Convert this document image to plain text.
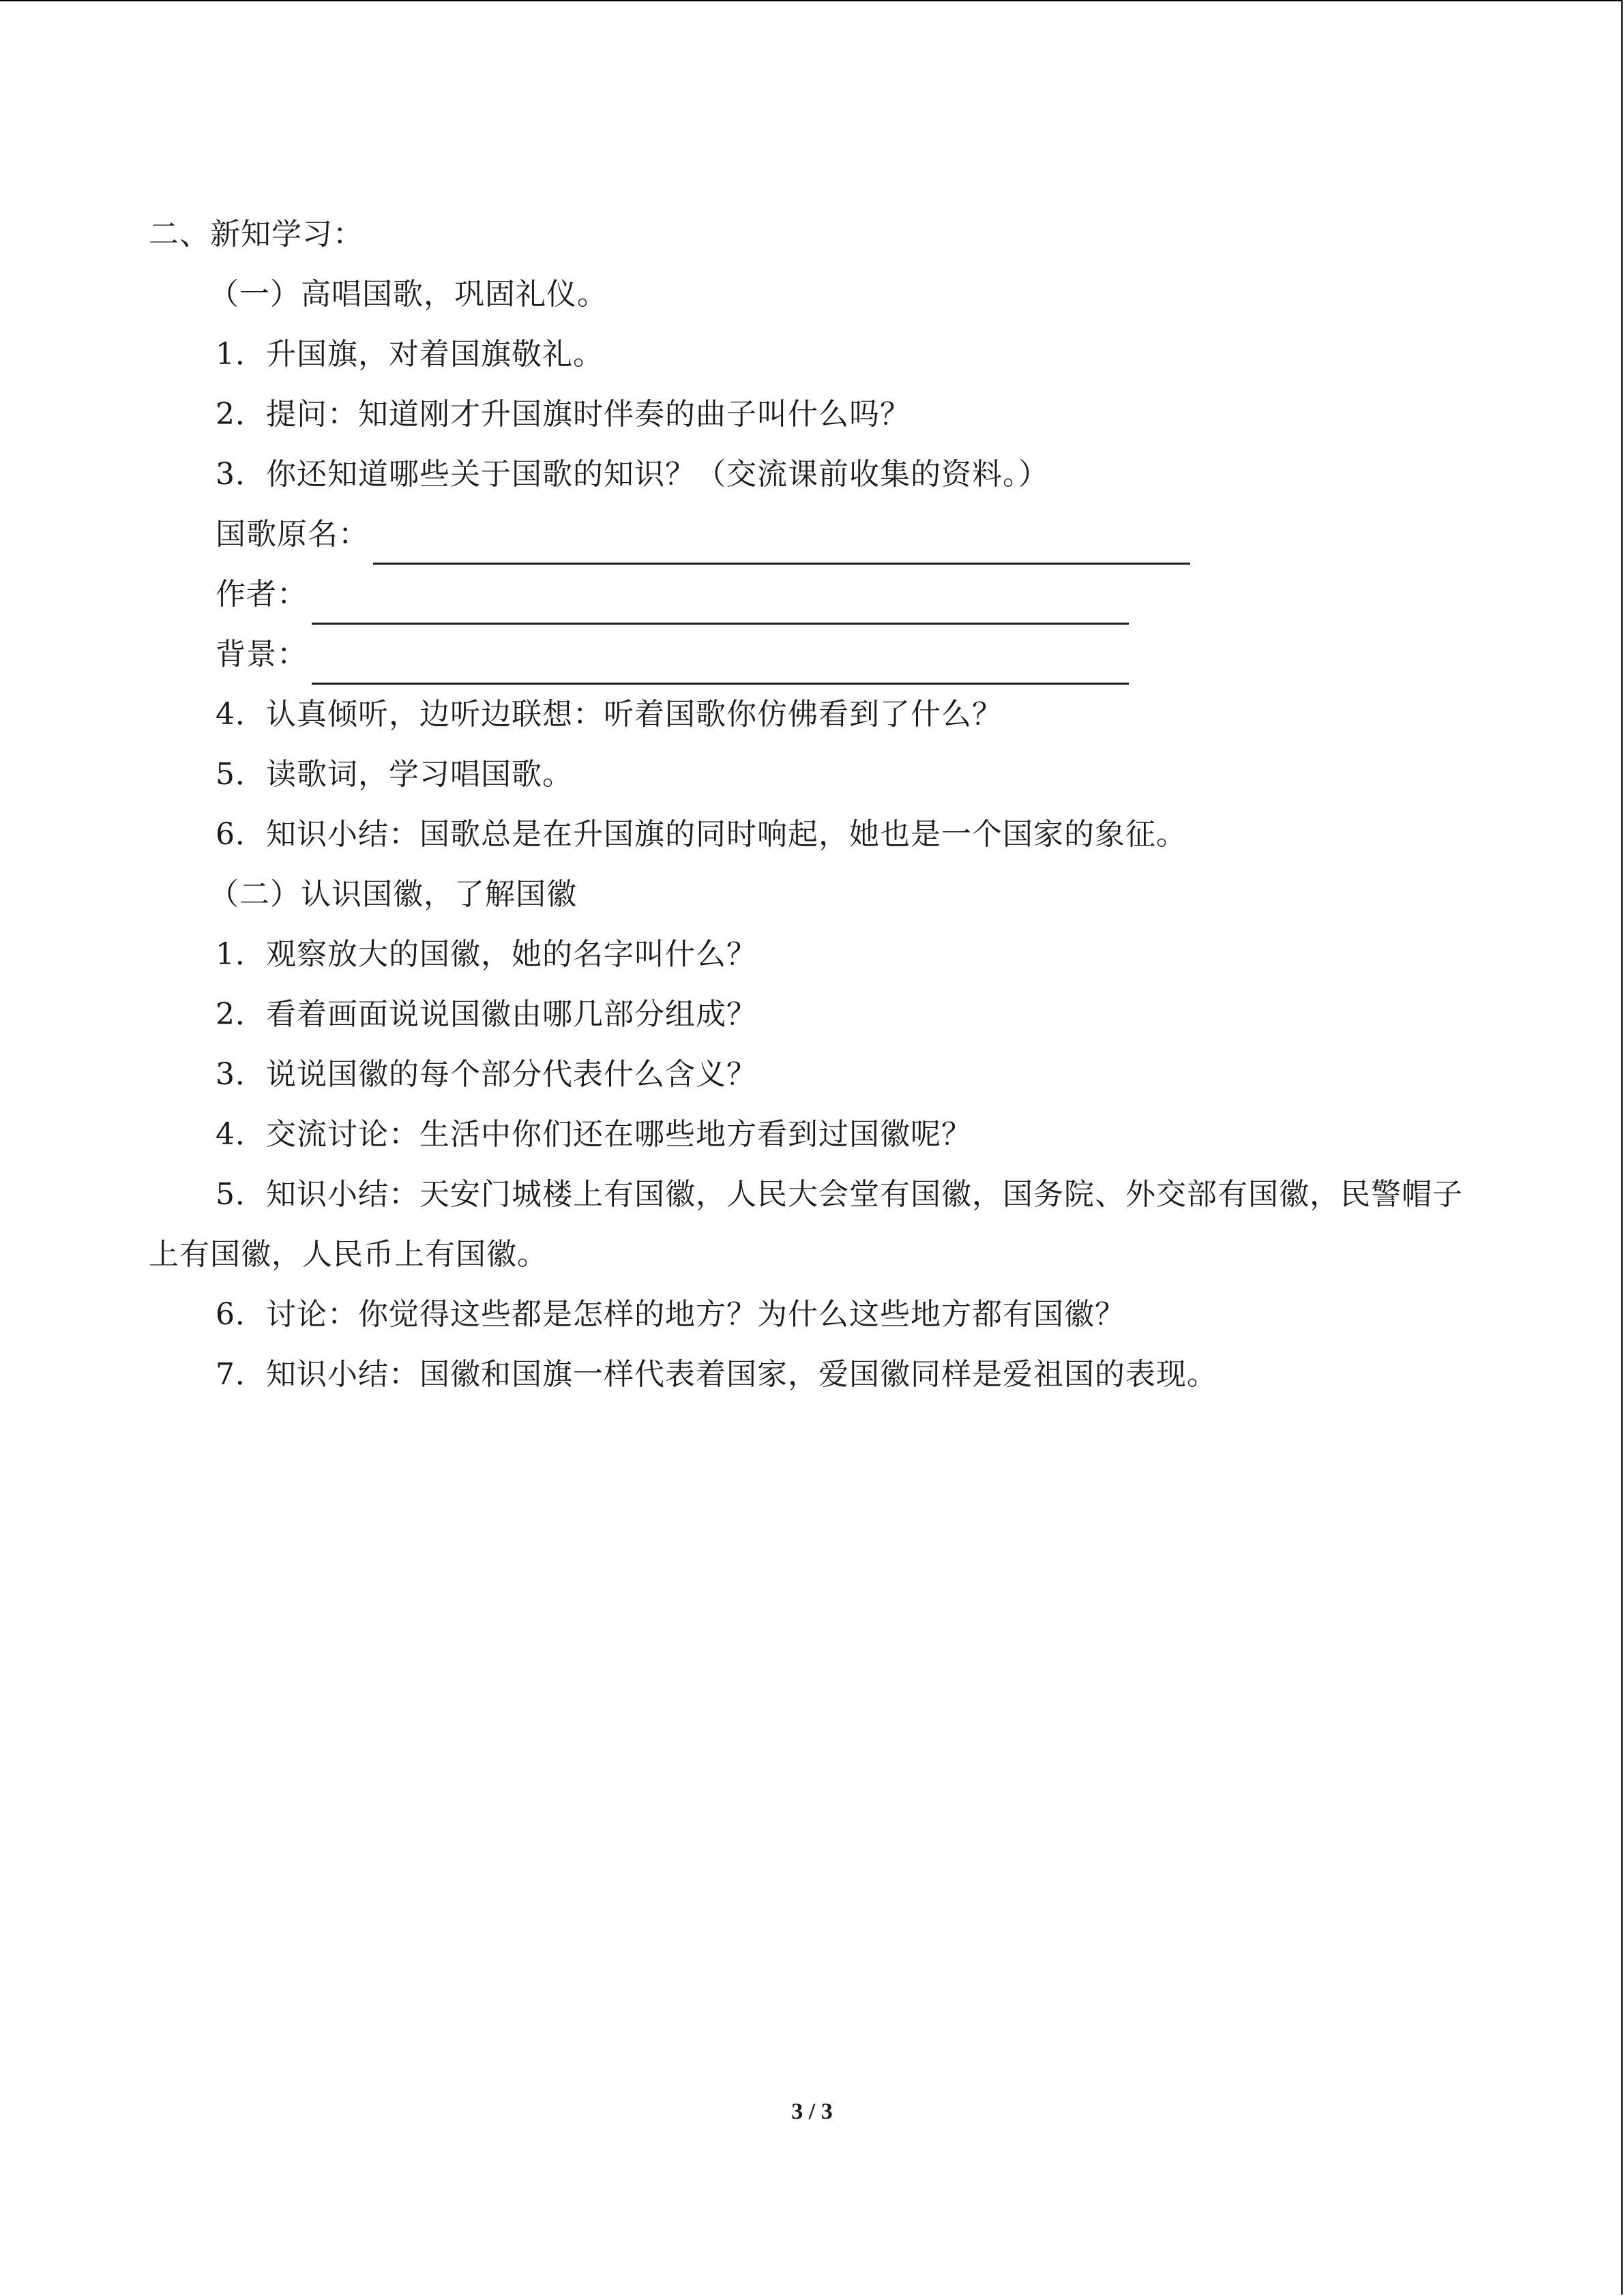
二、新知学习：
（一）高唱国歌，巩固礼仪。
1．升国旗，对着国旗敬礼。
2．提问：知道刚才升国旗时伴奏的曲子叫什么吗？
3．你还知道哪些关于国歌的知识？（交流课前收集的资料。）
国歌原名：
作者：
背景：
4．认真倾听，边听边联想：听着国歌你仿佛看到了什么？
5．读歌词，学习唱国歌。
6．知识小结：国歌总是在升国旗的同时响起，她也是一个国家的象征。
（二）认识国徽，了解国徽
1．观察放大的国徽，她的名字叫什么？
2．看着画面说说国徽由哪几部分组成？
3．说说国徽的每个部分代表什么含义？
4．交流讨论：生活中你们还在哪些地方看到过国徽呢？
5．知识小结：天安门城楼上有国徽，人民大会堂有国徽，国务院、外交部有国徽，民警帽子上有国徽，人民币上有国徽。
6．讨论：你觉得这些都是怎样的地方？为什么这些地方都有国徽？
7．知识小结：国徽和国旗一样代表着国家，爱国徽同样是爱祖国的表现。
3 / 3
